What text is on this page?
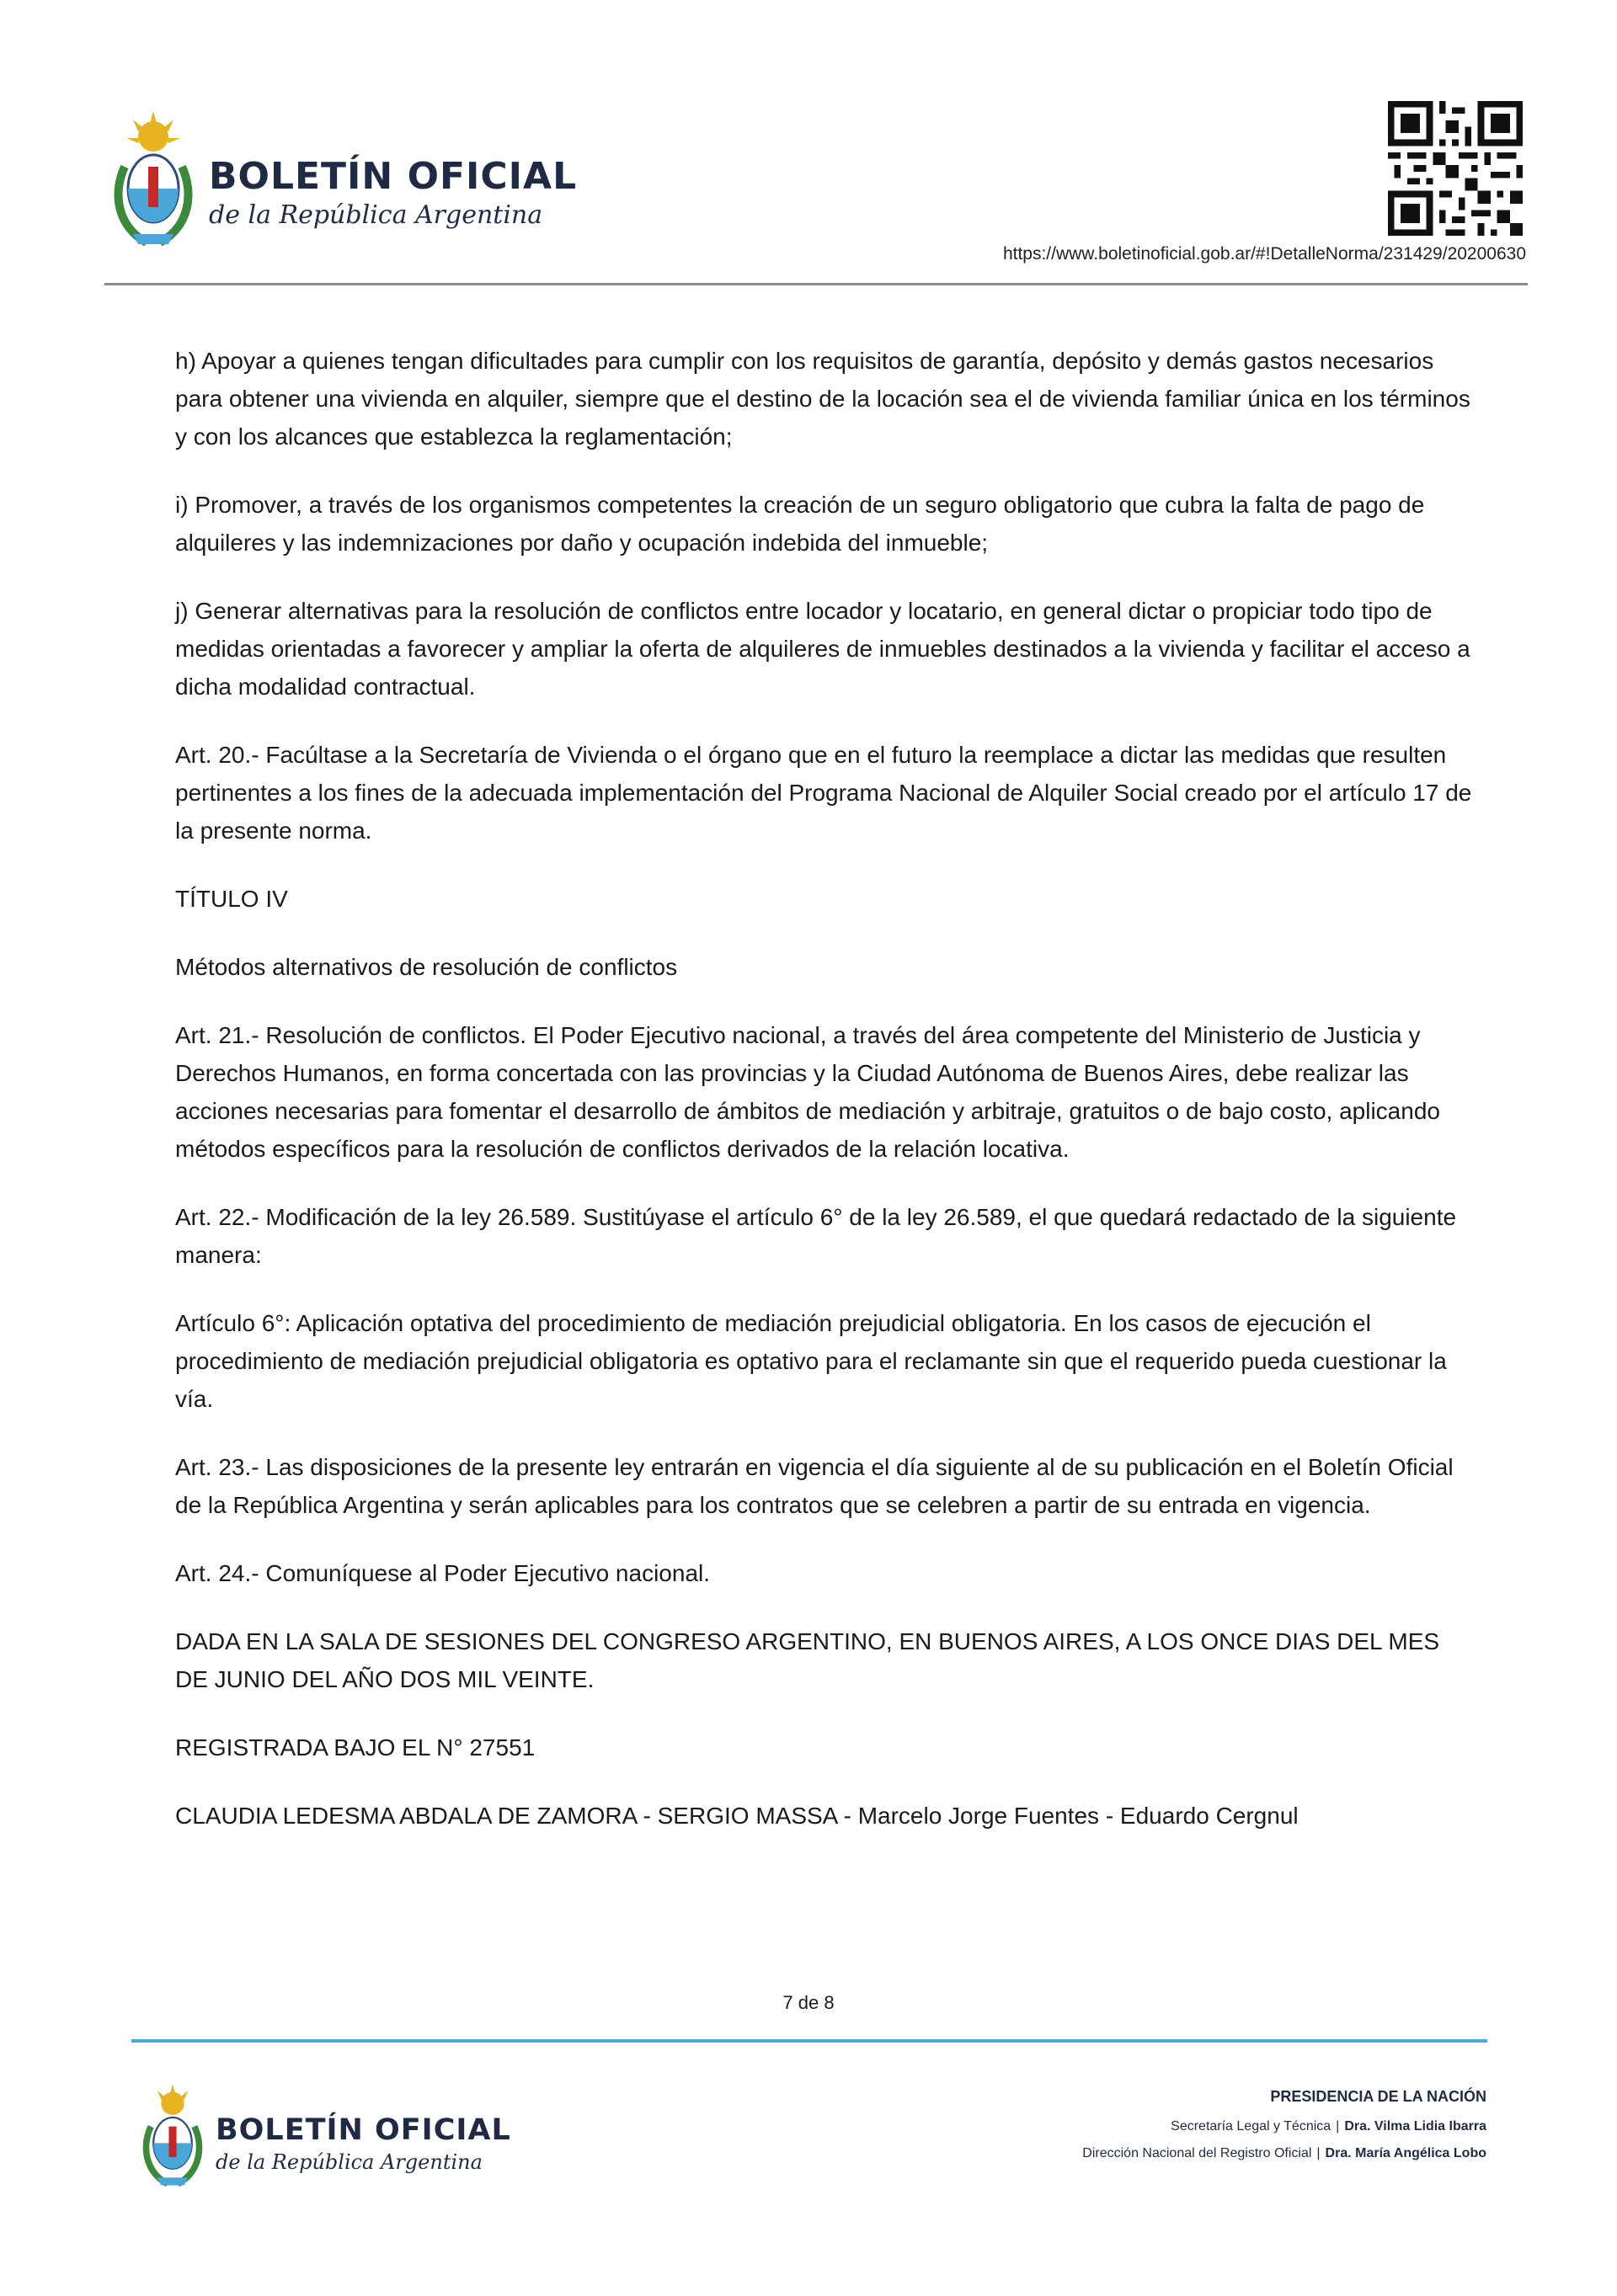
BOLETÍN OFICIAL
de la República Argentina
https://www.boletinoficial.gob.ar/#!DetalleNorma/231429/20200630

h) Apoyar a quienes tengan dificultades para cumplir con los requisitos de garantía, depósito y demás gastos necesarios para obtener una vivienda en alquiler, siempre que el destino de la locación sea el de vivienda familiar única en los términos y con los alcances que establezca la reglamentación;

i) Promover, a través de los organismos competentes la creación de un seguro obligatorio que cubra la falta de pago de alquileres y las indemnizaciones por daño y ocupación indebida del inmueble;

j) Generar alternativas para la resolución de conflictos entre locador y locatario, en general dictar o propiciar todo tipo de medidas orientadas a favorecer y ampliar la oferta de alquileres de inmuebles destinados a la vivienda y facilitar el acceso a dicha modalidad contractual.

Art. 20.- Facúltase a la Secretaría de Vivienda o el órgano que en el futuro la reemplace a dictar las medidas que resulten pertinentes a los fines de la adecuada implementación del Programa Nacional de Alquiler Social creado por el artículo 17 de la presente norma.

TÍTULO IV

Métodos alternativos de resolución de conflictos

Art. 21.- Resolución de conflictos. El Poder Ejecutivo nacional, a través del área competente del Ministerio de Justicia y Derechos Humanos, en forma concertada con las provincias y la Ciudad Autónoma de Buenos Aires, debe realizar las acciones necesarias para fomentar el desarrollo de ámbitos de mediación y arbitraje, gratuitos o de bajo costo, aplicando métodos específicos para la resolución de conflictos derivados de la relación locativa.

Art. 22.- Modificación de la ley 26.589. Sustitúyase el artículo 6° de la ley 26.589, el que quedará redactado de la siguiente manera:

Artículo 6°: Aplicación optativa del procedimiento de mediación prejudicial obligatoria. En los casos de ejecución el procedimiento de mediación prejudicial obligatoria es optativo para el reclamante sin que el requerido pueda cuestionar la vía.

Art. 23.- Las disposiciones de la presente ley entrarán en vigencia el día siguiente al de su publicación en el Boletín Oficial de la República Argentina y serán aplicables para los contratos que se celebren a partir de su entrada en vigencia.

Art. 24.- Comuníquese al Poder Ejecutivo nacional.

DADA EN LA SALA DE SESIONES DEL CONGRESO ARGENTINO, EN BUENOS AIRES, A LOS ONCE DIAS DEL MES DE JUNIO DEL AÑO DOS MIL VEINTE.

REGISTRADA BAJO EL N° 27551

CLAUDIA LEDESMA ABDALA DE ZAMORA - SERGIO MASSA - Marcelo Jorge Fuentes - Eduardo Cergnul

7 de 8
BOLETÍN OFICIAL
de la República Argentina
PRESIDENCIA DE LA NACIÓN
Secretaría Legal y Técnica | Dra. Vilma Lidia Ibarra
Dirección Nacional del Registro Oficial | Dra. María Angélica Lobo
